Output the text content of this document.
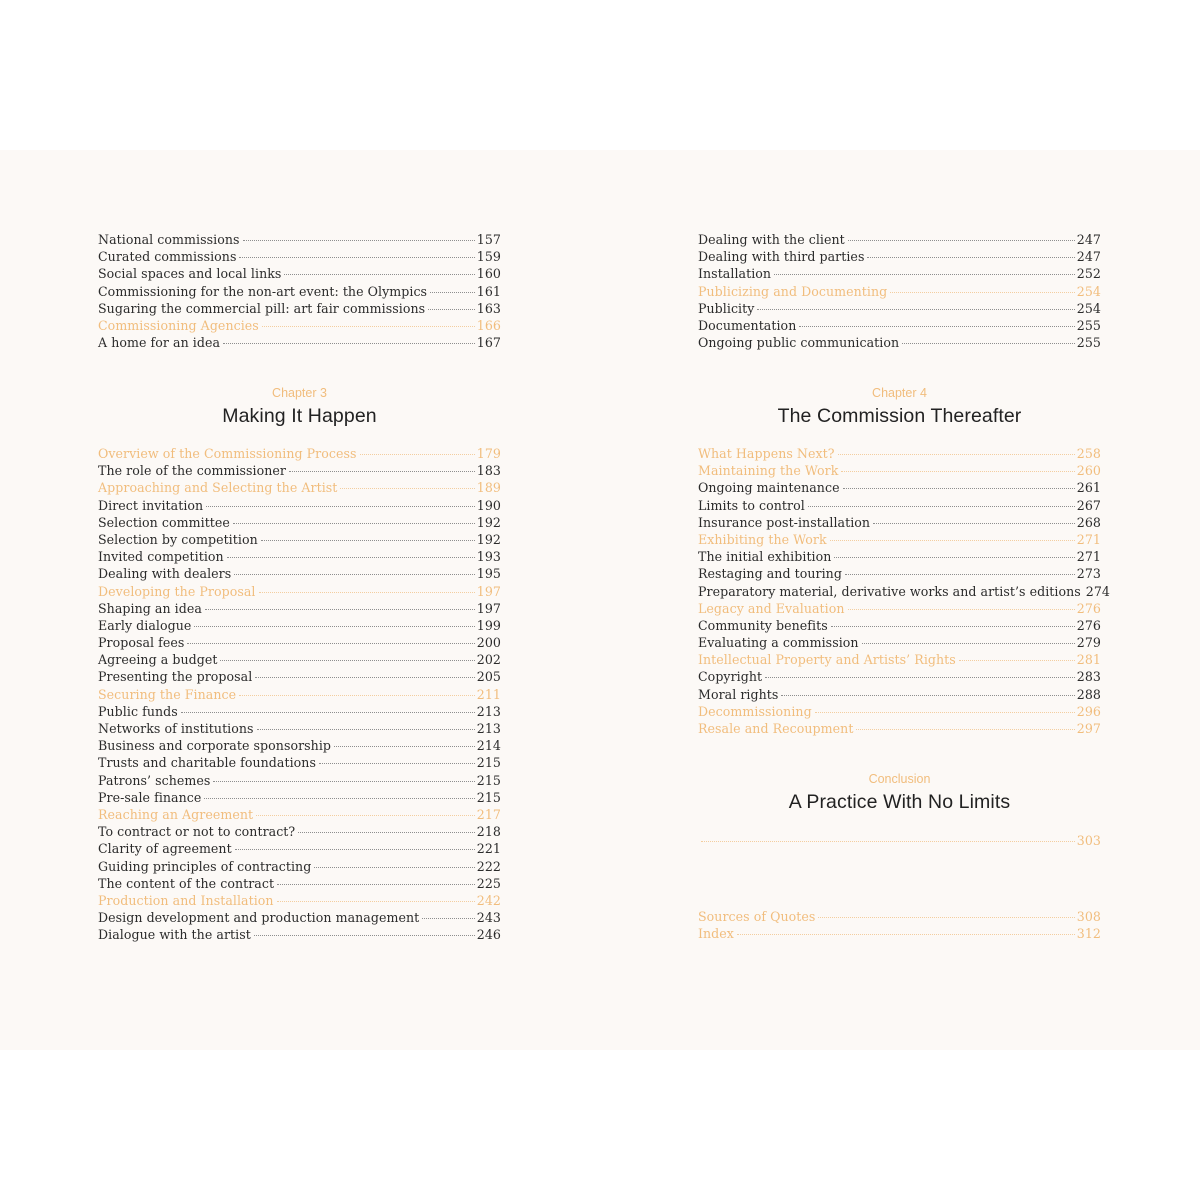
National commissions	157
Curated commissions	159
Social spaces and local links	160
Commissioning for the non-art event: the Olympics	161
Sugaring the commercial pill: art fair commissions	163
Commissioning Agencies	166
A home for an idea	167
Chapter 3
Making It Happen
Overview of the Commissioning Process	179
The role of the commissioner	183
Approaching and Selecting the Artist	189
Direct invitation	190
Selection committee	192
Selection by competition	192
Invited competition	193
Dealing with dealers	195
Developing the Proposal	197
Shaping an idea	197
Early dialogue	199
Proposal fees	200
Agreeing a budget	202
Presenting the proposal	205
Securing the Finance	211
Public funds	213
Networks of institutions	213
Business and corporate sponsorship	214
Trusts and charitable foundations	215
Patrons’ schemes	215
Pre-sale finance	215
Reaching an Agreement	217
To contract or not to contract?	218
Clarity of agreement	221
Guiding principles of contracting	222
The content of the contract	225
Production and Installation	242
Design development and production management	243
Dialogue with the artist	246
Dealing with the client	247
Dealing with third parties	247
Installation	252
Publicizing and Documenting	254
Publicity	254
Documentation	255
Ongoing public communication	255
Chapter 4
The Commission Thereafter
What Happens Next?	258
Maintaining the Work	260
Ongoing maintenance	261
Limits to control	267
Insurance post-installation	268
Exhibiting the Work	271
The initial exhibition	271
Restaging and touring	273
Preparatory material, derivative works and artist’s editions 274
Legacy and Evaluation	276
Community benefits	276
Evaluating a commission	279
Intellectual Property and Artists’ Rights	281
Copyright	283
Moral rights	288
Decommissioning	296
Resale and Recoupment	297
Conclusion
A Practice With No Limits
303
Sources of Quotes	308
Index	312
